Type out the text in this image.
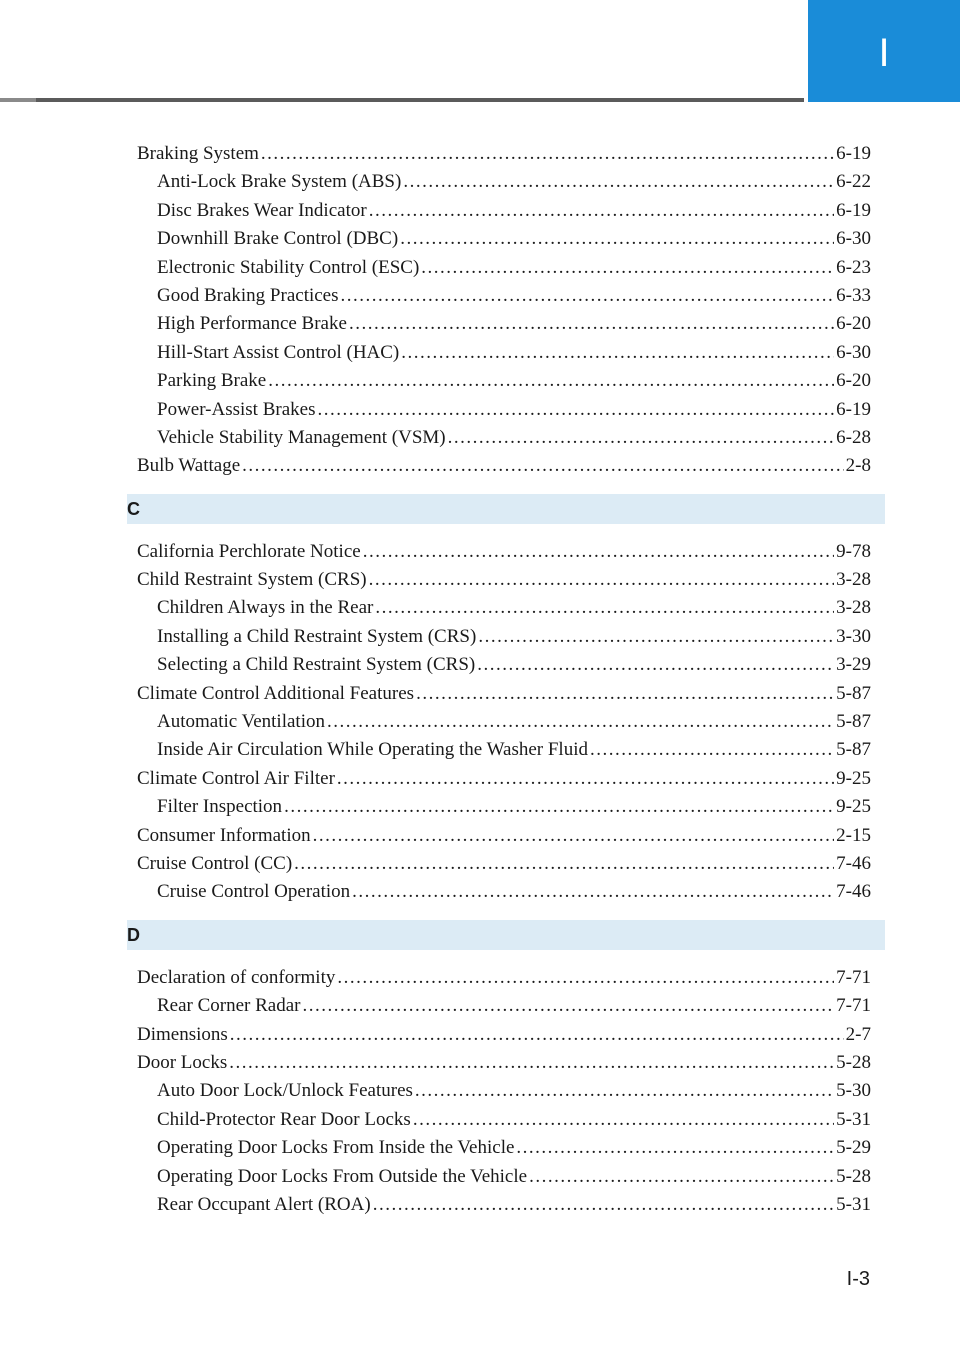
I
Braking System .....	6-19
Anti-Lock Brake System (ABS) .....	6-22
Disc Brakes Wear Indicator .....	6-19
Downhill Brake Control (DBC) .....	6-30
Electronic Stability Control (ESC) .....	6-23
Good Braking Practices .....	6-33
High Performance Brake .....	6-20
Hill-Start Assist Control (HAC) .....	6-30
Parking Brake .....	6-20
Power-Assist Brakes .....	6-19
Vehicle Stability Management (VSM) .....	6-28
Bulb Wattage .....	2-8
C
California Perchlorate Notice .....	9-78
Child Restraint System (CRS) .....	3-28
Children Always in the Rear .....	3-28
Installing a Child Restraint System (CRS) .....	3-30
Selecting a Child Restraint System (CRS) .....	3-29
Climate Control Additional Features .....	5-87
Automatic Ventilation .....	5-87
Inside Air Circulation While Operating the Washer Fluid .....	5-87
Climate Control Air Filter .....	9-25
Filter Inspection .....	9-25
Consumer Information .....	2-15
Cruise Control (CC) .....	7-46
Cruise Control Operation .....	7-46
D
Declaration of conformity .....	7-71
Rear Corner Radar .....	7-71
Dimensions .....	2-7
Door Locks .....	5-28
Auto Door Lock/Unlock Features .....	5-30
Child-Protector Rear Door Locks .....	5-31
Operating Door Locks From Inside the Vehicle .....	5-29
Operating Door Locks From Outside the Vehicle .....	5-28
Rear Occupant Alert (ROA) .....	5-31
I-3
